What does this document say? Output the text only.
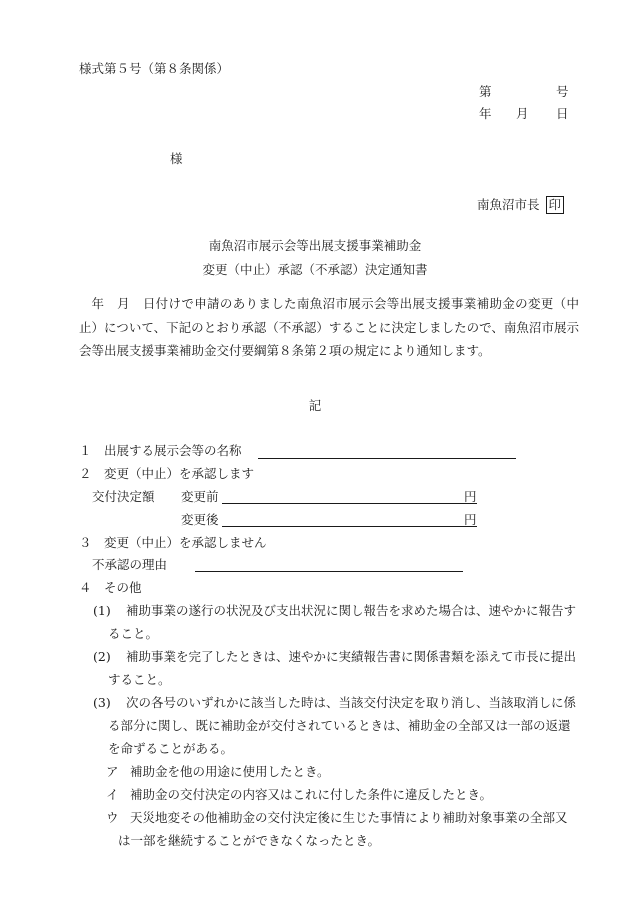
様式第５号（第８条関係）
第	号
年 月 日
様
南魚沼市長 印
南魚沼市展示会等出展支援事業補助金
変更（中止）承認（不承認）決定通知書
年　月　日付けで申請のありました南魚沼市展示会等出展支援事業補助金の変更（中止）について、下記のとおり承認（不承認）することに決定しましたので、南魚沼市展示会等出展支援事業補助金交付要綱第８条第２項の規定により通知します。
記
１ 出展する展示会等の名称
２ 変更（中止）を承認します
交付決定額 変更前	円
変更後	円
３ 変更（中止）を承認しません
不承認の理由
４ その他
(1)	補助事業の遂行の状況及び支出状況に関し報告を求めた場合は、速やかに報告すること。
(2)	補助事業を完了したときは、速やかに実績報告書に関係書類を添えて市長に提出すること。
(3)	次の各号のいずれかに該当した時は、当該交付決定を取り消し、当該取消しに係る部分に関し、既に補助金が交付されているときは、補助金の全部又は一部の返還を命ずることがある。
ア 補助金を他の用途に使用したとき。
イ 補助金の交付決定の内容又はこれに付した条件に違反したとき。
ウ 天災地変その他補助金の交付決定後に生じた事情により補助対象事業の全部又は一部を継続することができなくなったとき。
